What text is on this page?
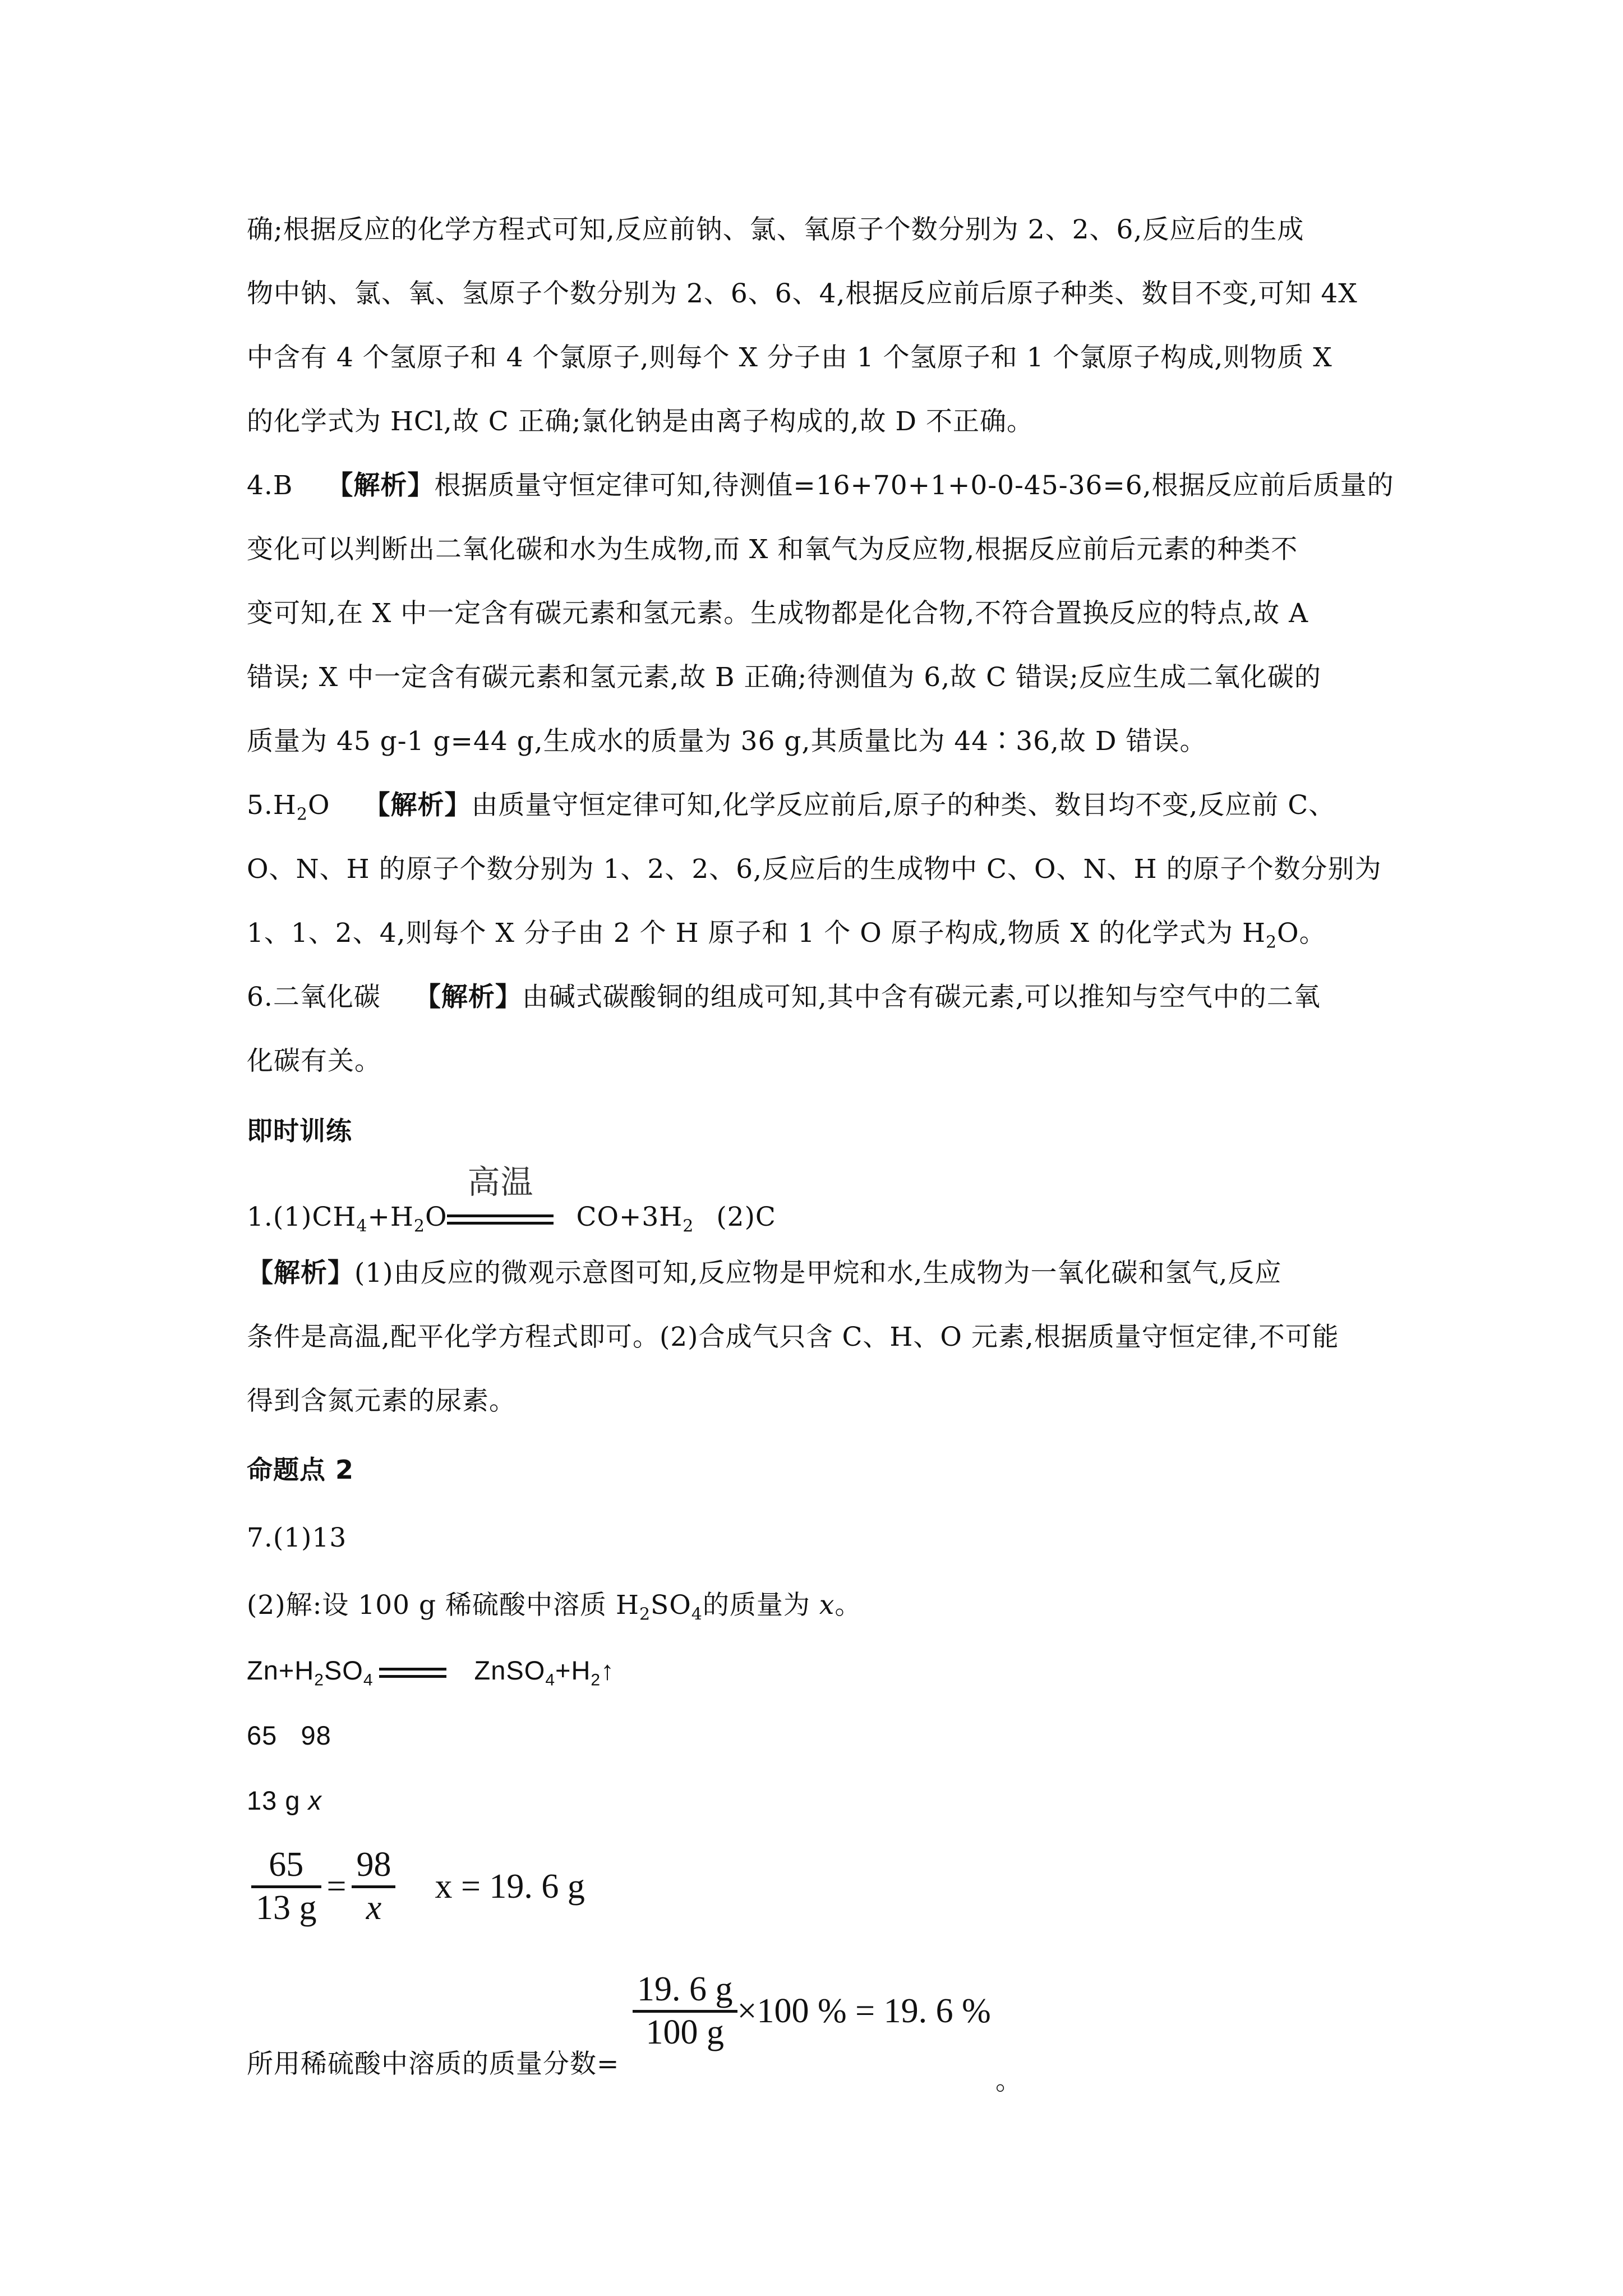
确;根据反应的化学方程式可知,反应前钠、氯、氧原子个数分别为 2、2、6,反应后的生成
物中钠、氯、氧、氢原子个数分别为 2、6、6、4,根据反应前后原子种类、数目不变,可知 4X
中含有 4 个氢原子和 4 个氯原子,则每个 X 分子由 1 个氢原子和 1 个氯原子构成,则物质 X
的化学式为 HCl,故 C 正确;氯化钠是由离子构成的,故 D 不正确。
4.B 【解析】根据质量守恒定律可知,待测值=16+70+1+0-0-45-36=6,根据反应前后质量的
变化可以判断出二氧化碳和水为生成物,而 X 和氧气为反应物,根据反应前后元素的种类不
变可知,在 X 中一定含有碳元素和氢元素。生成物都是化合物,不符合置换反应的特点,故 A
错误; X 中一定含有碳元素和氢元素,故 B 正确;待测值为 6,故 C 错误;反应生成二氧化碳的
质量为 45 g-1 g=44 g,生成水的质量为 36 g,其质量比为 44∶36,故 D 错误。
$5.H_2O$ 【解析】由质量守恒定律可知,化学反应前后,原子的种类、数目均不变,反应前 C、
O、N、H 的原子个数分别为 1、2、2、6,反应后的生成物中 C、O、N、H 的原子个数分别为
1、1、2、4,则每个 X 分子由 2 个 H 原子和 1 个 O 原子构成,物质 X 的化学式为 $H_2O$。
6.二氧化碳 【解析】由碱式碳酸铜的组成可知,其中含有碳元素,可以推知与空气中的二氧
化碳有关。
即时训练
$1.(1)CH_4+H_2O$
高温
$CO+3H_2$ (2)C
【解析】(1)由反应的微观示意图可知,反应物是甲烷和水,生成物为一氧化碳和氢气,反应
条件是高温,配平化学方程式即可。(2)合成气只含 C、H、O 元素,根据质量守恒定律,不可能
得到含氮元素的尿素。
命题点 2
7.(1)13
(2)解:设 100 g 稀硫酸中溶质 $H_2SO_4$的质量为 x。
$Zn+H_2SO_4$	$ZnSO_4+H_2↑$
65   98
13 g x
65
13 g
=
98
x
x = 19. 6 g
19. 6 g
100 g
×100 % = 19. 6 %
所用稀硫酸中溶质的质量分数=
。
